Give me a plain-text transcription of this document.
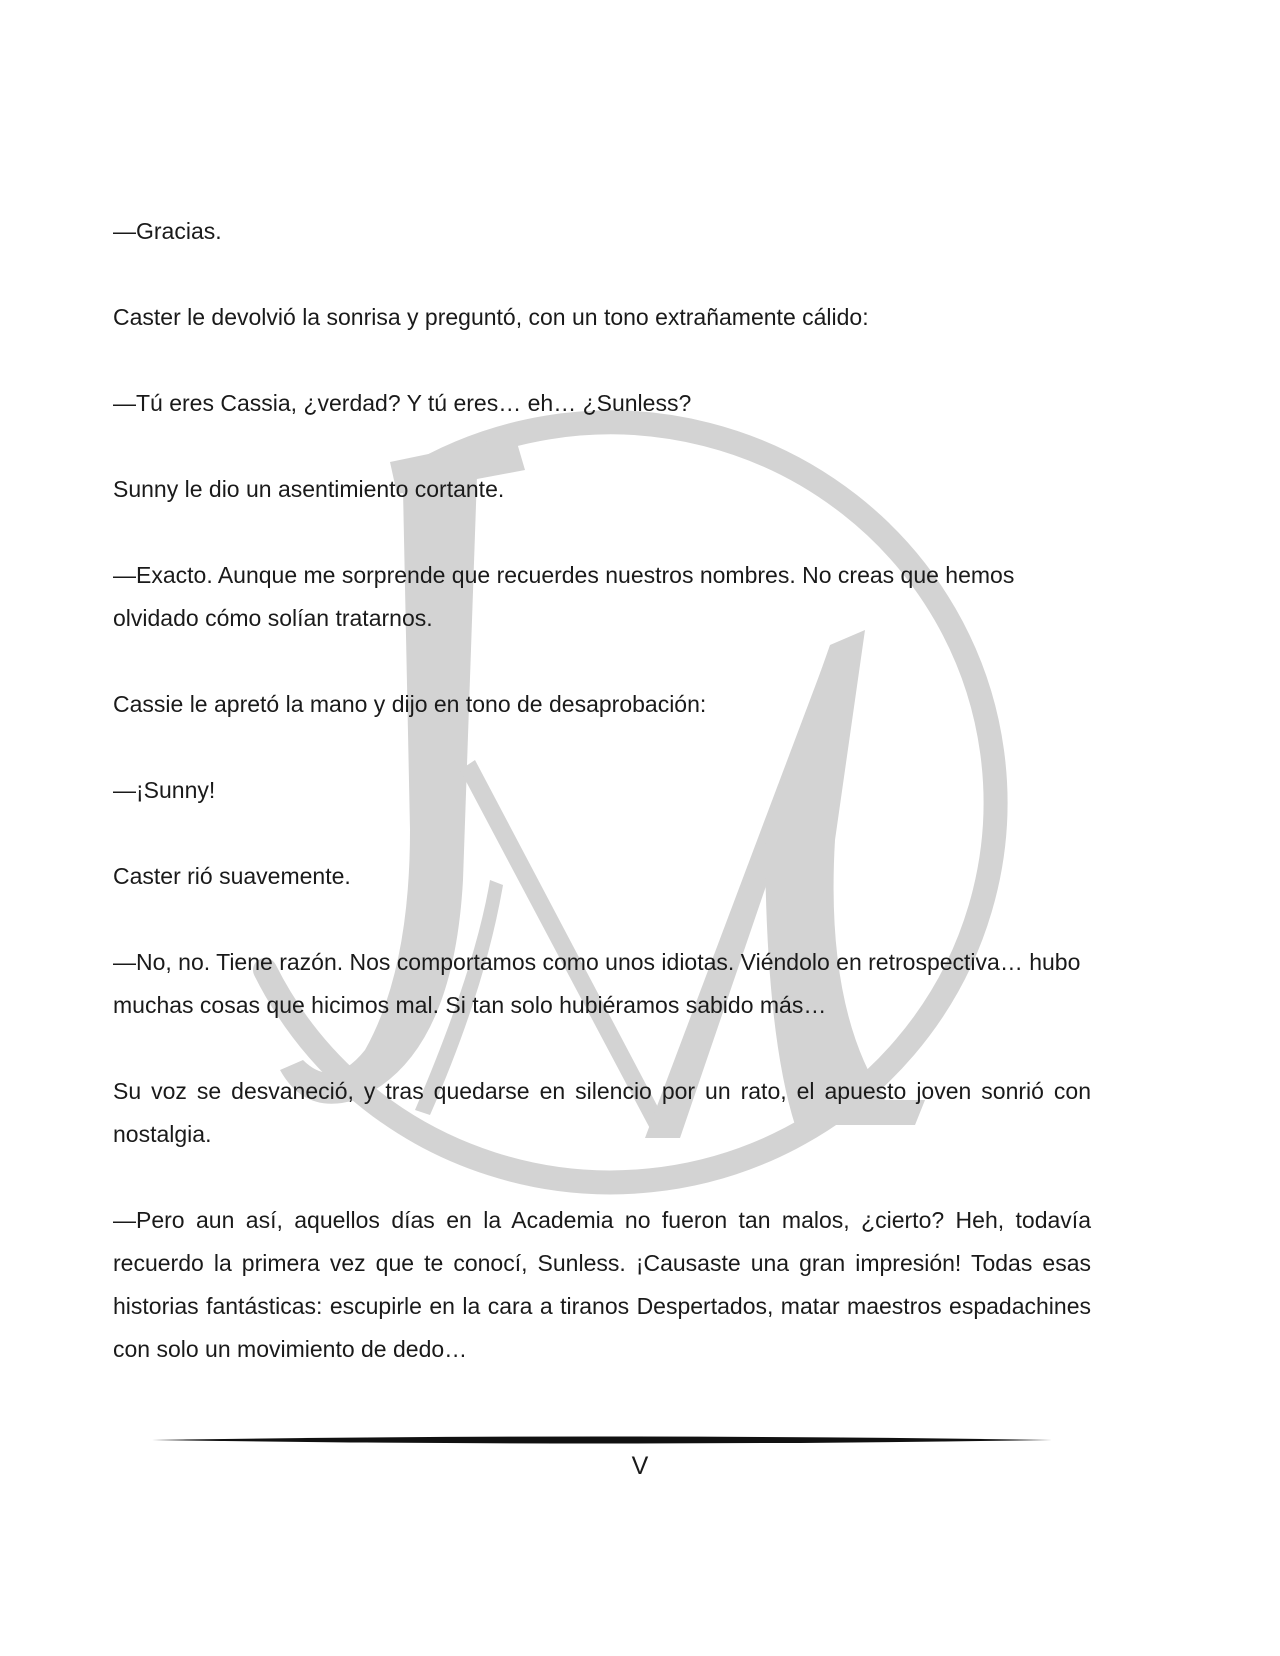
—Gracias.

Caster le devolvió la sonrisa y preguntó, con un tono extrañamente cálido:

—Tú eres Cassia, ¿verdad? Y tú eres… eh… ¿Sunless?

Sunny le dio un asentimiento cortante.

—Exacto. Aunque me sorprende que recuerdes nuestros nombres. No creas que hemos olvidado cómo solían tratarnos.

Cassie le apretó la mano y dijo en tono de desaprobación:

—¡Sunny!

Caster rió suavemente.

—No, no. Tiene razón. Nos comportamos como unos idiotas. Viéndolo en retrospectiva… hubo muchas cosas que hicimos mal. Si tan solo hubiéramos sabido más…

Su voz se desvaneció, y tras quedarse en silencio por un rato, el apuesto joven sonrió con nostalgia.

—Pero aun así, aquellos días en la Academia no fueron tan malos, ¿cierto? Heh, todavía recuerdo la primera vez que te conocí, Sunless. ¡Causaste una gran impresión! Todas esas historias fantásticas: escupirle en la cara a tiranos Despertados, matar maestros espadachines con solo un movimiento de dedo…

V
